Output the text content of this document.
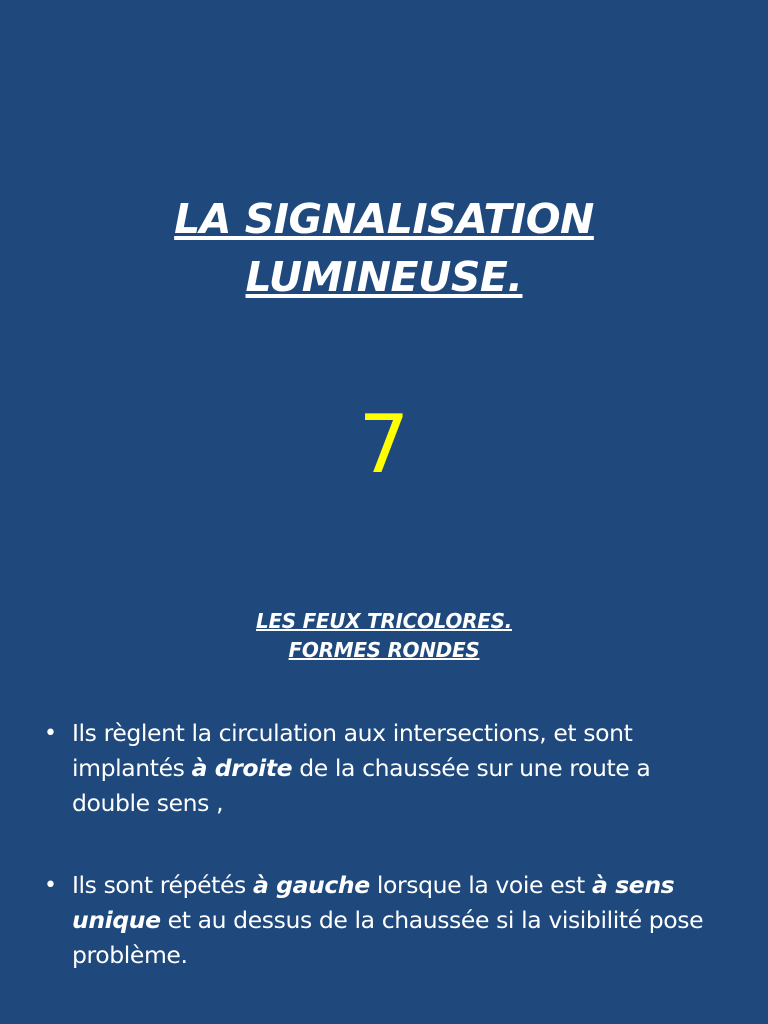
LA SIGNALISATION
LUMINEUSE.
7
LES FEUX TRICOLORES.
FORMES RONDES
• Ils règlent la circulation aux intersections, et sont implantés à droite de la chaussée sur une route a double sens ,
• Ils sont répétés à gauche lorsque la voie est à sens unique et au dessus de la chaussée si la visibilité pose problème.
